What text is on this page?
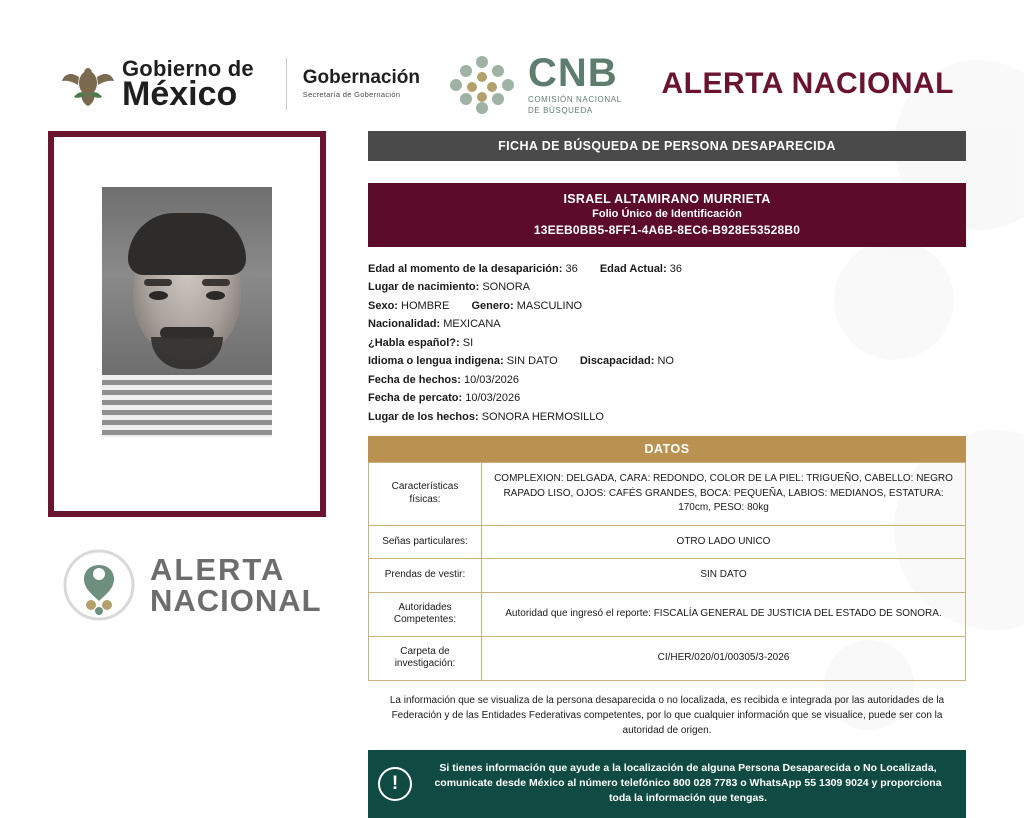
Gobierno de
México	Gobernación
Secretaría de Gobernación	CNB
COMISIÓN NACIONAL
DE BÚSQUEDA
ALERTA NACIONAL
ALERTA
NACIONAL
FICHA DE BÚSQUEDA DE PERSONA DESAPARECIDA
ISRAEL ALTAMIRANO MURRIETA
Folio Único de Identificación
13EEB0BB5-8FF1-4A6B-8EC6-B928E53528B0
Edad al momento de la desaparición: 36 Edad Actual: 36
Lugar de nacimiento: SONORA
Sexo: HOMBRE Genero: MASCULINO
Nacionalidad: MEXICANA
¿Habla español?: SI
Idioma o lengua indigena: SIN DATO Discapacidad: NO
Fecha de hechos: 10/03/2026
Fecha de percato: 10/03/2026
Lugar de los hechos: SONORA HERMOSILLO
DATOS
Características físicas:	COMPLEXION: DELGADA, CARA: REDONDO, COLOR DE LA PIEL: TRIGUEÑO, CABELLO: NEGRO RAPADO LISO, OJOS: CAFÉS GRANDES, BOCA: PEQUEÑA, LABIOS: MEDIANOS, ESTATURA: 170cm, PESO: 80kg
Señas particulares:	OTRO LADO UNICO
Prendas de vestir:	SIN DATO
Autoridades Competentes:	Autoridad que ingresó el reporte: FISCALÍA GENERAL DE JUSTICIA DEL ESTADO DE SONORA.
Carpeta de investigación:	CI/HER/020/01/00305/3-2026
La información que se visualiza de la persona desaparecida o no localizada, es recibida e integrada por las autoridades de la Federación y de las Entidades Federativas competentes, por lo que cualquier información que se visualice, puede ser con la autoridad de origen.
!
Si tienes información que ayude a la localización de alguna Persona Desaparecida o No Localizada, comunicate desde México al número telefónico 800 028 7783 o WhatsApp 55 1309 9024 y proporciona toda la información que tengas.
